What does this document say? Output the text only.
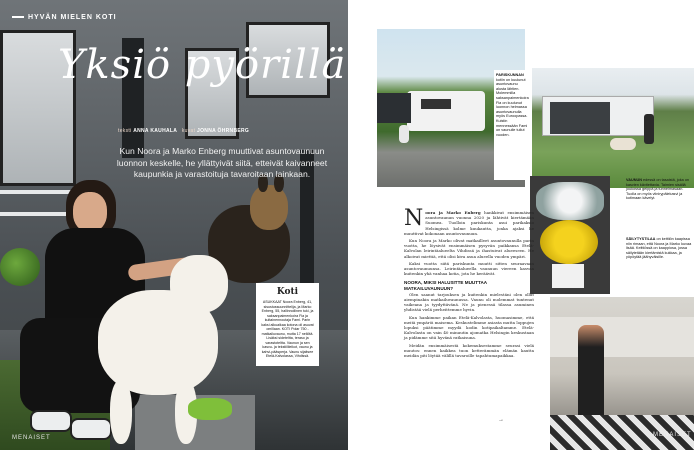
HYVÄN MIELEN KOTI
Yksiö pyörillä
teksti ANNA KAUHALA kuvat JONNA ÖHRNBERG
Kun Noora ja Marko Enberg muuttivat asuntovaunuun luonnon keskelle, he yllättyivät siitä, etteivät kaivanneet kaupunkia ja varastoituja tavaroitaan lainkaan.
Koti
ASUKKAAT Noora Enberg, 41, sisustussuunnittelija, ja Marko Enberg, 55, hallinnollinen tuki, ja saksanpaimenkoira Fia ja kultainennoutaja Fami. Parin kaksi alkuaikaa kotona oli asuvat omillaan. KOTI Polar 750 -matkailuvaunu, mutta 17 neliötä. Lisäksi sideteltta, teraso ja varastoteltta. Vaunun ja sen kasvu- ja tekstiilileikot, vaunu ja kahvi-pääsperja. Vaunu sijaitsee Etelä-Kalvolassa, Vihdissä.
MENAISET
PARISKUNNAN kotiin on kuulunut asuntovaunu alusta lähtien. Molemmilla saksanpaimenkoira Fia on kuulunut luonnon helmassa asuntovaunulla myös Euroopassa. Kuistin mennessään Fami on vaunulle tullut vuoden.
VAUNUN edessä on tasaistä, joka on kasvien kävitettavia. Taimien sisällä joukossa gelppä ja tunnelmasaan. Tuolla on myös viinirypälekasvi ja kotimaan kävelyt.
SÄILYTYSTILAA on keittiön kaapissa niin rimaan, että Noora ja Marko kuvaa lisää. Keittiössä on kaappiosa, jossa säilytetään kiertämistä kukkaa, ja yöpöytää jäähyväisille.
N oora ja Marko Enberg hankkivat ensimmäisen asuntovaunun vuonna 2020 ja lähtivät kiertämään Suomea. Tuolloin pariskunta asui parikaksio Helsingissä kolme kuukautta, jonka ajaksi he muuttivat kokonaan asuntovaunuun.

Kun Noora ja Marko olivat matkailleet asuntovaunulla parin vuotta, he löysivät ensimmäisen pysyvän paikkansa Etelä-Kalvolan leirintäalueelta Vihdissä ja ihastuivat alueeseen. He alkoivat miettiä, että olisi kiva asua alueella vuoden ympäri.

Kaksi vuotta siitä pariskunta muutti sitten seuraavaan asuntovaunuunsa. Leirintäalueella vaunuun viereen kasvaa kuitenkin yhä vanhaa kotia, jota he keräävät.

NOORA, MIKSI HALUSITTE MUUTTAA MATKAILUVAUNUUN?

Olen saanut tarjouksen ja kuitenkin mielestäni olen ollut aiempinakin matkailuvaunussa. Vaunu oli molemmat tuntenut vaikeana ja tyydyttävänä. Ne ja pienessä tilassa asuminen yhdistää vielä perheittemme hyvin.

Kun hankimme paikan Etelä-Kalvolasta, huomasimme, että meitä ympäröi maisema. Keskustelimme asiasta mutta loppujen lopuksi päätimme myydä kodin kotipaikaltamme. Etelä-Kalvolasta on vain 40 minuutin ajomatka Helsingin keskustaan ja pidämme sitä hyvänä ratkaisuna.

Meidän ensimmäisestä kokemuksestamme seurasi vielä muutos: ennen kaikkea tuon ketterämmän elämän kautta meidän piti löytää välillä tavaroille tapahtumapaikkaa.

→
MENAISET 7
